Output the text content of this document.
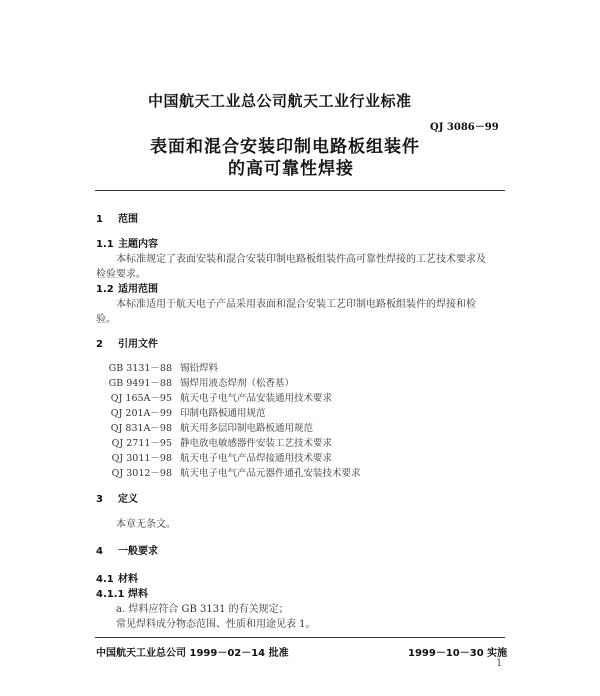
中国航天工业总公司航天工业行业标准
QJ 3086－99
表面和混合安装印制电路板组装件
的高可靠性焊接
1 范围
1.1 主题内容
本标准规定了表面安装和混合安装印制电路板组装件高可靠性焊接的工艺技术要求及
检验要求。
1.2 适用范围
本标准适用于航天电子产品采用表面和混合安装工艺印制电路板组装件的焊接和检
验。
2 引用文件
GB 3131－88 锡铅焊料
GB 9491－88 锡焊用液态焊剂（松香基）
QJ 165A－95 航天电子电气产品安装通用技术要求
QJ 201A－99 印制电路板通用规范
QJ 831A－98 航天用多层印制电路板通用规范
QJ 2711－95 静电放电敏感器件安装工艺技术要求
QJ 3011－98 航天电子电气产品焊接通用技术要求
QJ 3012－98 航天电子电气产品元器件通孔安装技术要求
3 定义
本章无条文。
4 一般要求
4.1 材料
4.1.1 焊料
a. 焊料应符合 GB 3131 的有关规定；
常见焊料成分物态范围、性质和用途见表 1。
中国航天工业总公司 1999－02－14 批准	1999－10－30 实施
1
